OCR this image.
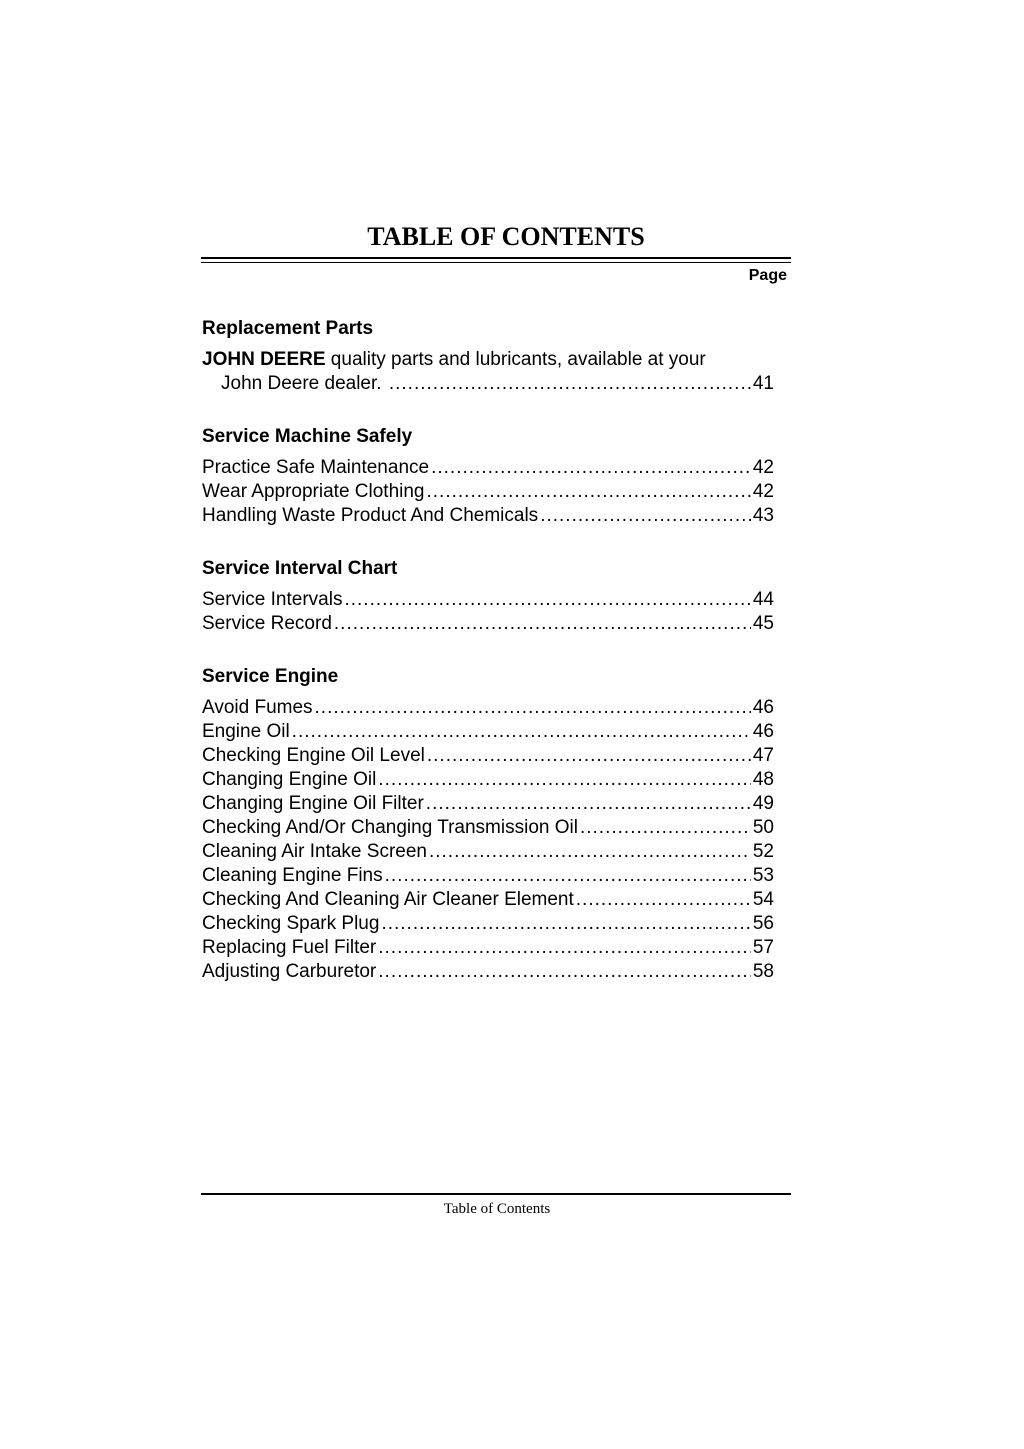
TABLE OF CONTENTS
Page
Replacement Parts
JOHN DEERE quality parts and lubricants, available at your
John Deere dealer. .....	41
Service Machine Safely
Practice Safe Maintenance .....	42
Wear Appropriate Clothing .....	42
Handling Waste Product And Chemicals .....	43
Service Interval Chart
Service Intervals .....	44
Service Record .....	45
Service Engine
Avoid Fumes .....	46
Engine Oil .....	46
Checking Engine Oil Level .....	47
Changing Engine Oil .....	48
Changing Engine Oil Filter .....	49
Checking And/Or Changing Transmission Oil .....	50
Cleaning Air Intake Screen .....	52
Cleaning Engine Fins .....	53
Checking And Cleaning Air Cleaner Element .....	54
Checking Spark Plug .....	56
Replacing Fuel Filter .....	57
Adjusting Carburetor .....	58
Table of Contents
